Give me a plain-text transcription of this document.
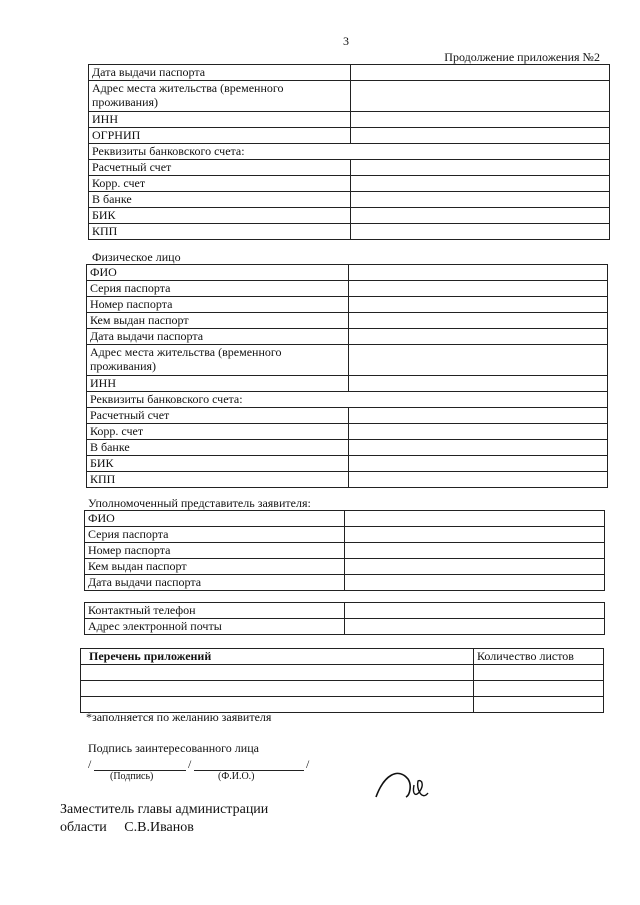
3
Продолжение приложения №2
Дата выдачи паспорта	
Адрес места жительства (временного проживания)	
ИНН	
ОГРНИП	
Реквизиты банковского счета:	
Расчетный счет	
Корр. счет	
В банке	
БИК	
КПП	
Физическое лицо
ФИО	
Серия паспорта	
Номер паспорта	
Кем выдан паспорт	
Дата выдачи паспорта	
Адрес места жительства (временного проживания)	
ИНН	
Реквизиты банковского счета:	
Расчетный счет	
Корр. счет	
В банке	
БИК	
КПП	
Уполномоченный представитель заявителя:
ФИО	
Серия паспорта	
Номер паспорта	
Кем выдан паспорт	
Дата выдачи паспорта	
Контактный телефон	
Адрес электронной почты	
Перечень приложений	Количество листов

*заполняется по желанию заявителя
Подпись заинтересованного лица
/	/	/
(Подпись)	(Ф.И.О.)
Заместитель главы администрации
области     С.В.Иванов
